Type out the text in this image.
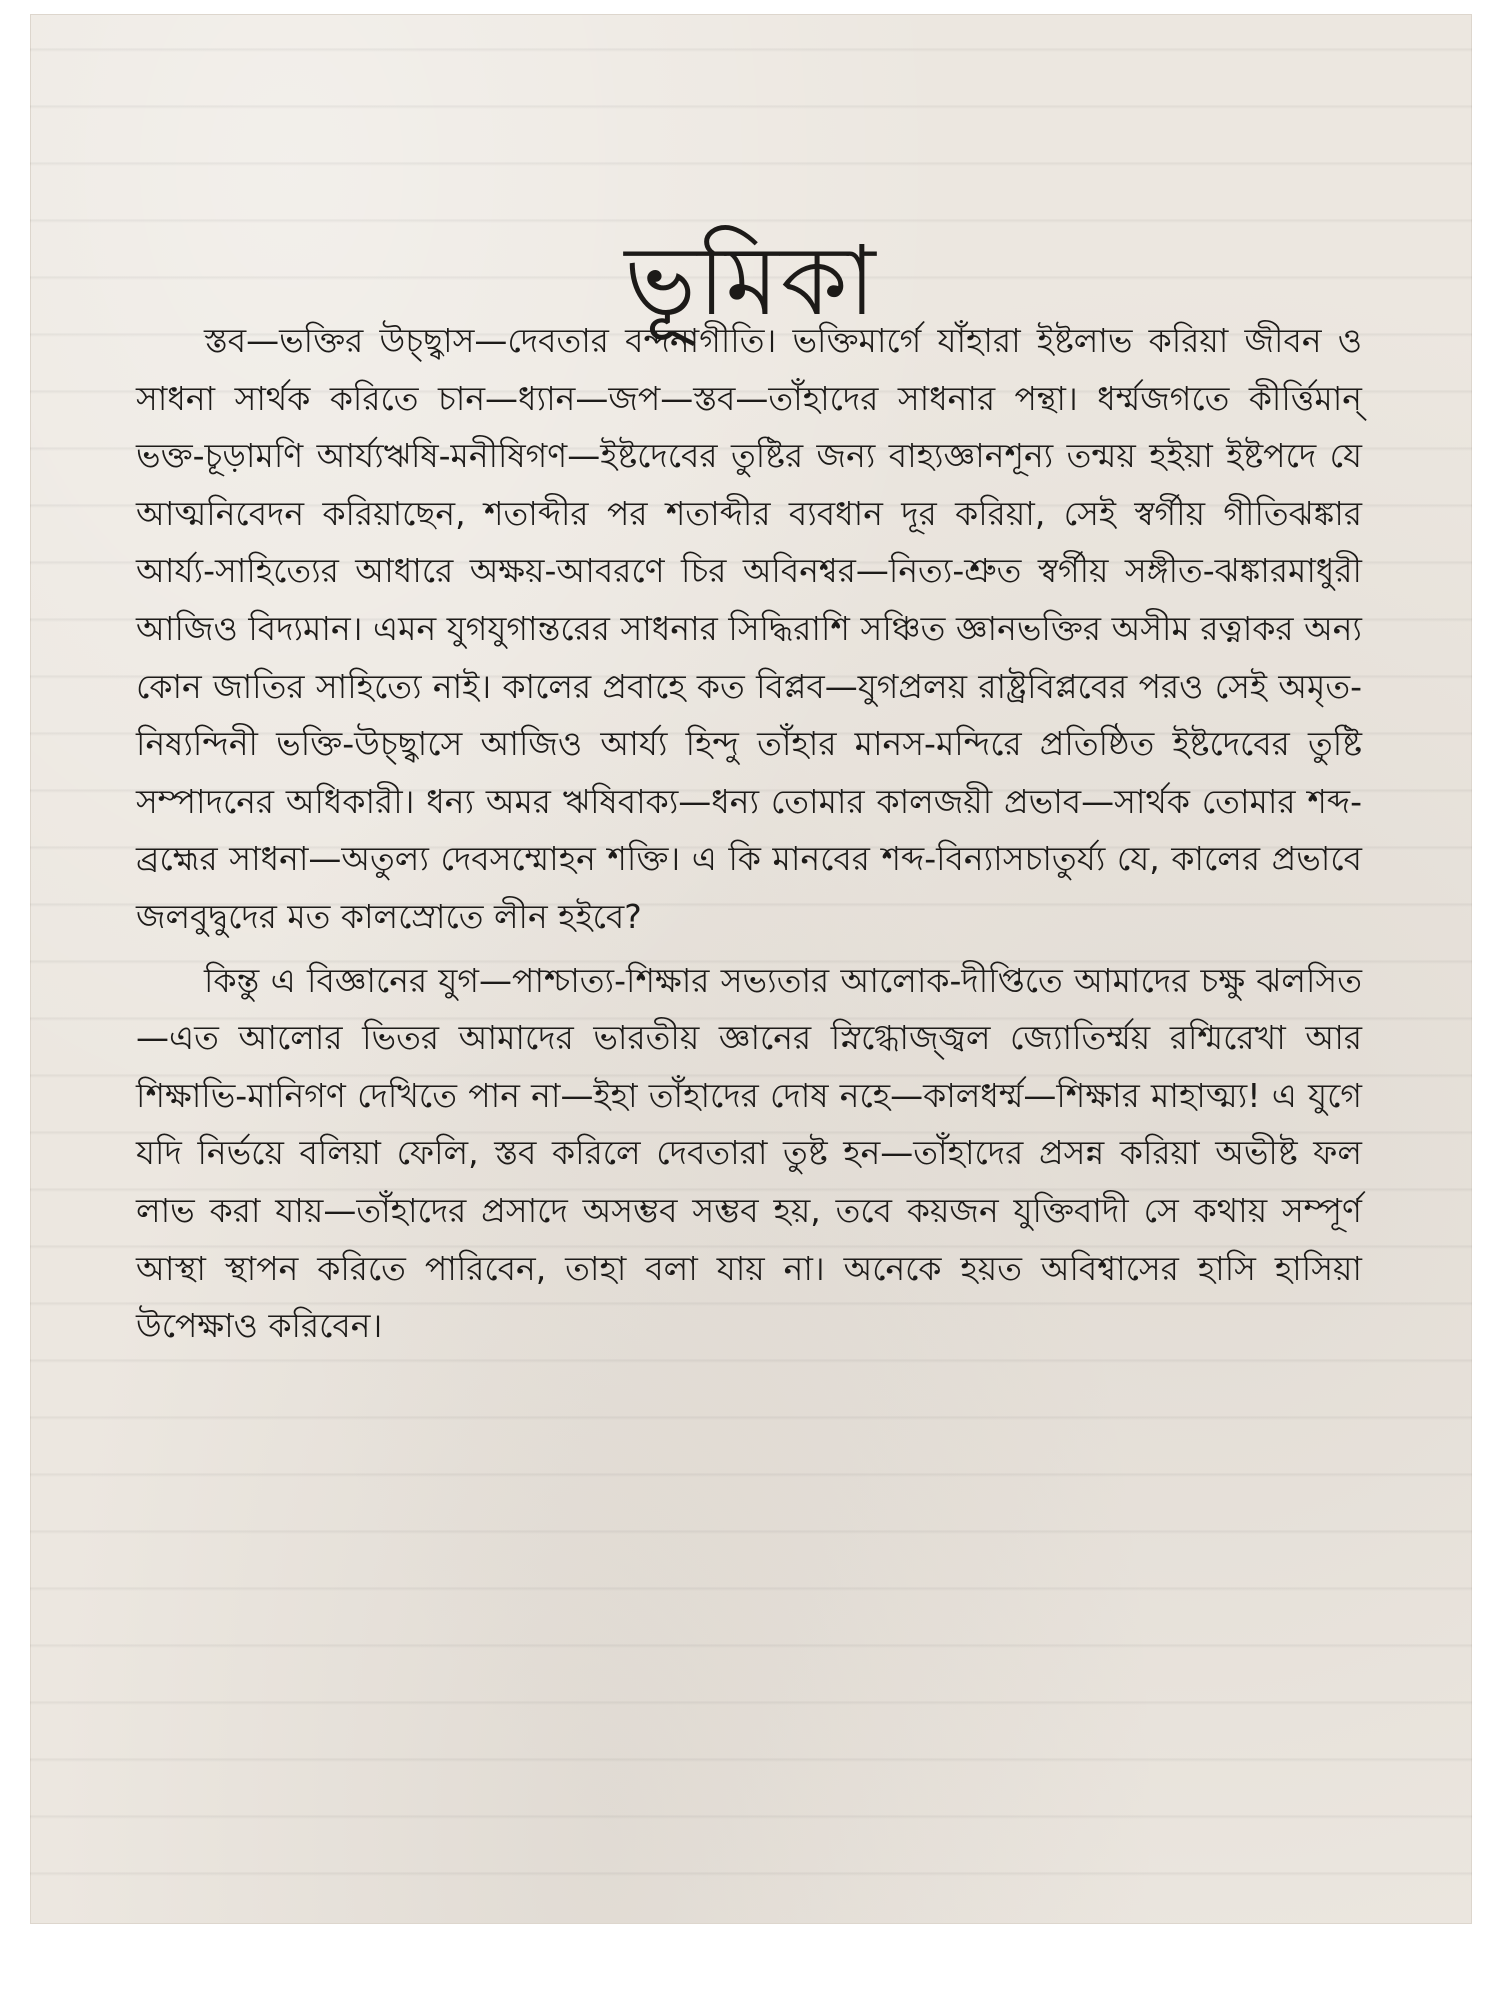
ভূমিকা

স্তব—ভক্তির উচ্ছ্বাস—দেবতার বন্দনাগীতি। ভক্তিমার্গে যাঁহারা ইষ্টলাভ করিয়া জীবন ও সাধনা সার্থক করিতে চান—ধ্যান—জপ—স্তব—তাঁহাদের সাধনার পন্থা। ধর্ম্মজগতে কীর্ত্তিমান্ ভক্ত-চূড়ামণি আর্য্যঋষি-মনীষিগণ—ইষ্টদেবের তুষ্টির জন্য বাহ্যজ্ঞানশূন্য তন্ময় হইয়া ইষ্টপদে যে আত্মনিবেদন করিয়াছেন, শতাব্দীর পর শতাব্দীর ব্যবধান দূর করিয়া, সেই স্বর্গীয় গীতিঝঙ্কার আর্য্য-সাহিত্যের আধারে অক্ষয়-আবরণে চির অবিনশ্বর—নিত্য-শ্রুত স্বর্গীয় সঙ্গীত-ঝঙ্কারমাধুরী আজিও বিদ্যমান। এমন যুগযুগান্তরের সাধনার সিদ্ধিরাশি সঞ্চিত জ্ঞানভক্তির অসীম রত্নাকর অন্য কোন জাতির সাহিত্যে নাই। কালের প্রবাহে কত বিপ্লব—যুগপ্রলয় রাষ্ট্রবিপ্লবের পরও সেই অমৃত-নিষ্যন্দিনী ভক্তি-উচ্ছ্বাসে আজিও আর্য্য হিন্দু তাঁহার মানস-মন্দিরে প্রতিষ্ঠিত ইষ্টদেবের তুষ্টি সম্পাদনের অধিকারী। ধন্য অমর ঋষিবাক্য—ধন্য তোমার কালজয়ী প্রভাব—সার্থক তোমার শব্দ-ব্রহ্মের সাধনা—অতুল্য দেবসম্মোহন শক্তি। এ কি মানবের শব্দ-বিন্যাসচাতুর্য্য যে, কালের প্রভাবে জলবুদ্বুদের মত কালস্রোতে লীন হইবে?

কিন্তু এ বিজ্ঞানের যুগ—পাশ্চাত্য-শিক্ষার সভ্যতার আলোক-দীপ্তিতে আমাদের চক্ষু ঝলসিত—এত আলোর ভিতর আমাদের ভারতীয় জ্ঞানের স্নিগ্ধোজ্জ্বল জ্যোতির্ম্ময় রশ্মিরেখা আর শিক্ষাভি-মানিগণ দেখিতে পান না—ইহা তাঁহাদের দোষ নহে—কালধর্ম্ম—শিক্ষার মাহাত্ম্য! এ যুগে যদি নির্ভয়ে বলিয়া ফেলি, স্তব করিলে দেবতারা তুষ্ট হন—তাঁহাদের প্রসন্ন করিয়া অভীষ্ট ফল লাভ করা যায়—তাঁহাদের প্রসাদে অসম্ভব সম্ভব হয়, তবে কয়জন যুক্তিবাদী সে কথায় সম্পূর্ণ আস্থা স্থাপন করিতে পারিবেন, তাহা বলা যায় না। অনেকে হয়ত অবিশ্বাসের হাসি হাসিয়া উপেক্ষাও করিবেন।
